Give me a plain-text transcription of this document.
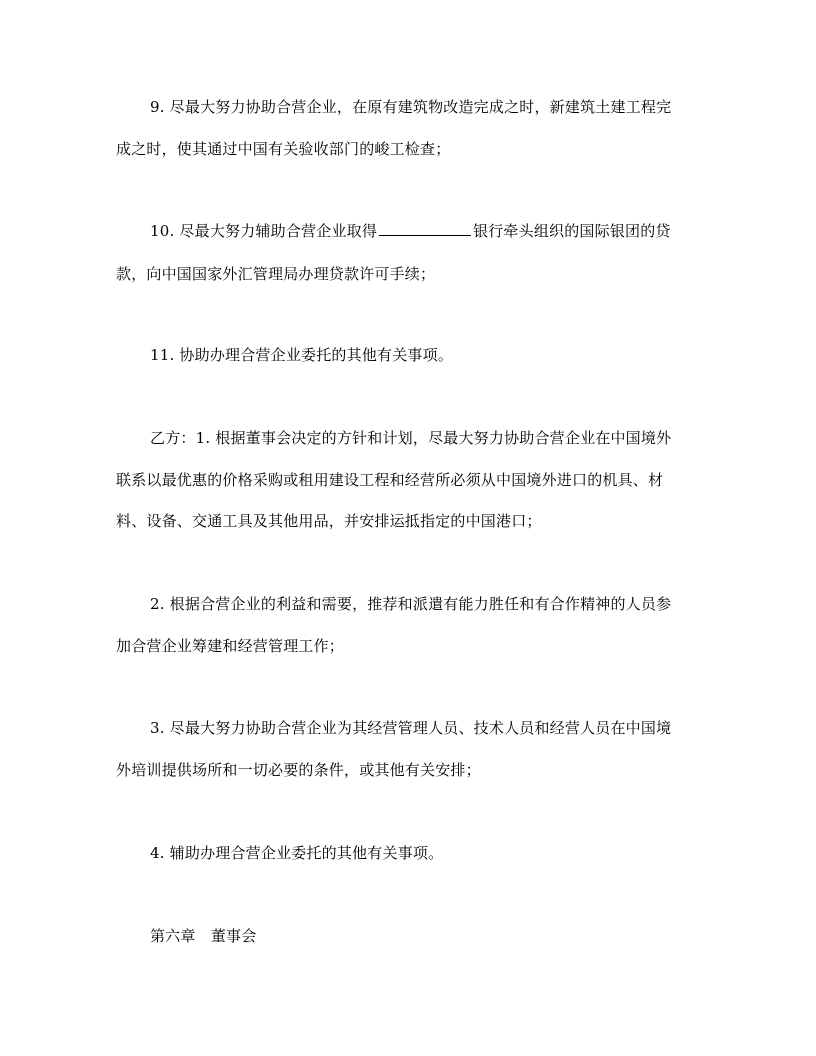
9. 尽最大努力协助合营企业，在原有建筑物改造完成之时，新建筑土建工程完
成之时，使其通过中国有关验收部门的峻工检查；
10. 尽最大努力辅助合营企业取得	银行牵头组织的国际银团的贷
款，向中国国家外汇管理局办理贷款许可手续；
11. 协助办理合营企业委托的其他有关事项。
乙方：1. 根据董事会决定的方针和计划，尽最大努力协助合营企业在中国境外
联系以最优惠的价格采购或租用建设工程和经营所必须从中国境外进口的机具、材
料、设备、交通工具及其他用品，并安排运抵指定的中国港口；
2. 根据合营企业的利益和需要，推荐和派遣有能力胜任和有合作精神的人员参
加合营企业筹建和经营管理工作；
3. 尽最大努力协助合营企业为其经营管理人员、技术人员和经营人员在中国境
外培训提供场所和一切必要的条件，或其他有关安排；
4. 辅助办理合营企业委托的其他有关事项。
第六章　董事会
